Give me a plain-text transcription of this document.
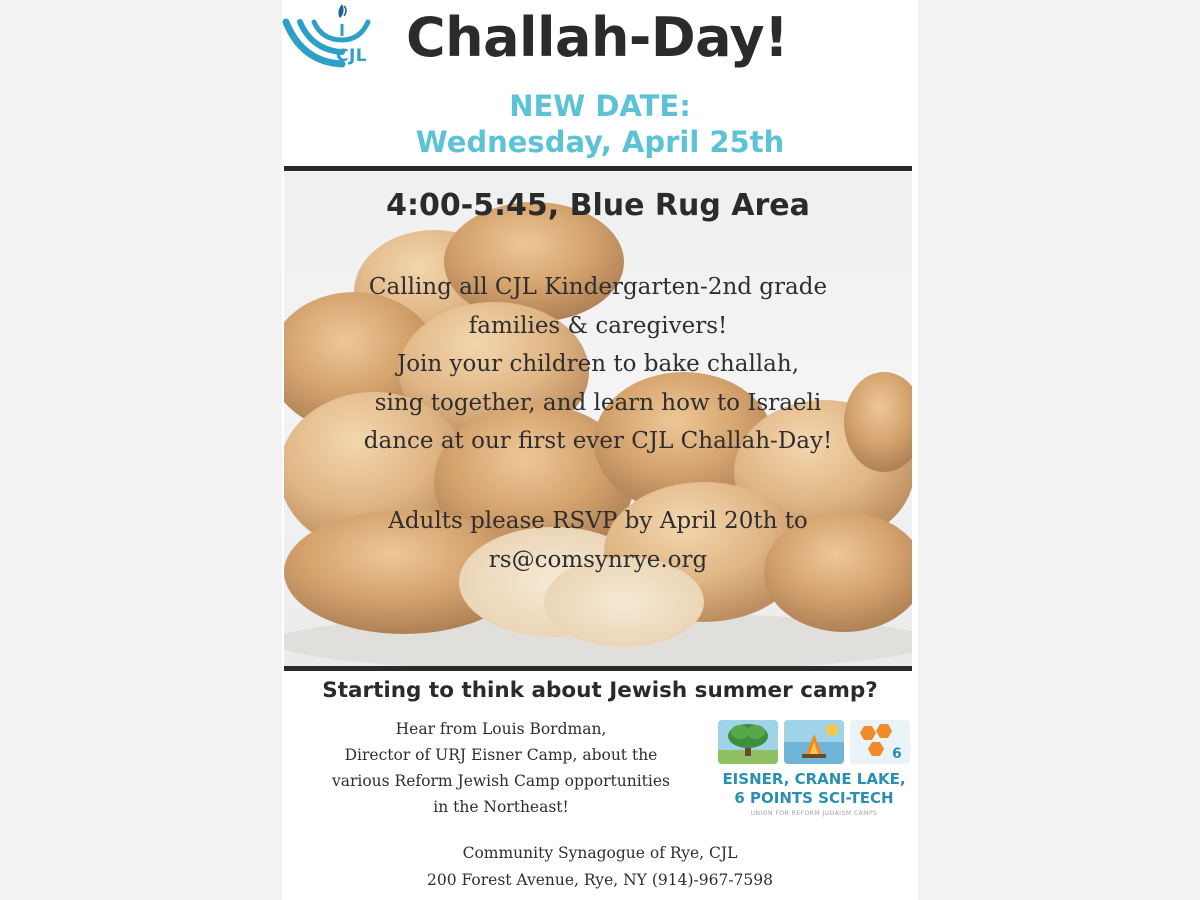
CJL Challah-Day!
NEW DATE:
Wednesday, April 25th
4:00-5:45, Blue Rug Area
Calling all CJL Kindergarten-2nd grade
families & caregivers!
Join your children to bake challah,
sing together, and learn how to Israeli
dance at our first ever CJL Challah-Day!
Adults please RSVP by April 20th to
rs@comsynrye.org
Starting to think about Jewish summer camp?
Hear from Louis Bordman,
Director of URJ Eisner Camp, about the
various Reform Jewish Camp opportunities
in the Northeast!
6
EISNER, CRANE LAKE,
6 POINTS SCI-TECH
UNION FOR REFORM JUDAISM CAMPS
Community Synagogue of Rye, CJL
200 Forest Avenue, Rye, NY (914)-967-7598
